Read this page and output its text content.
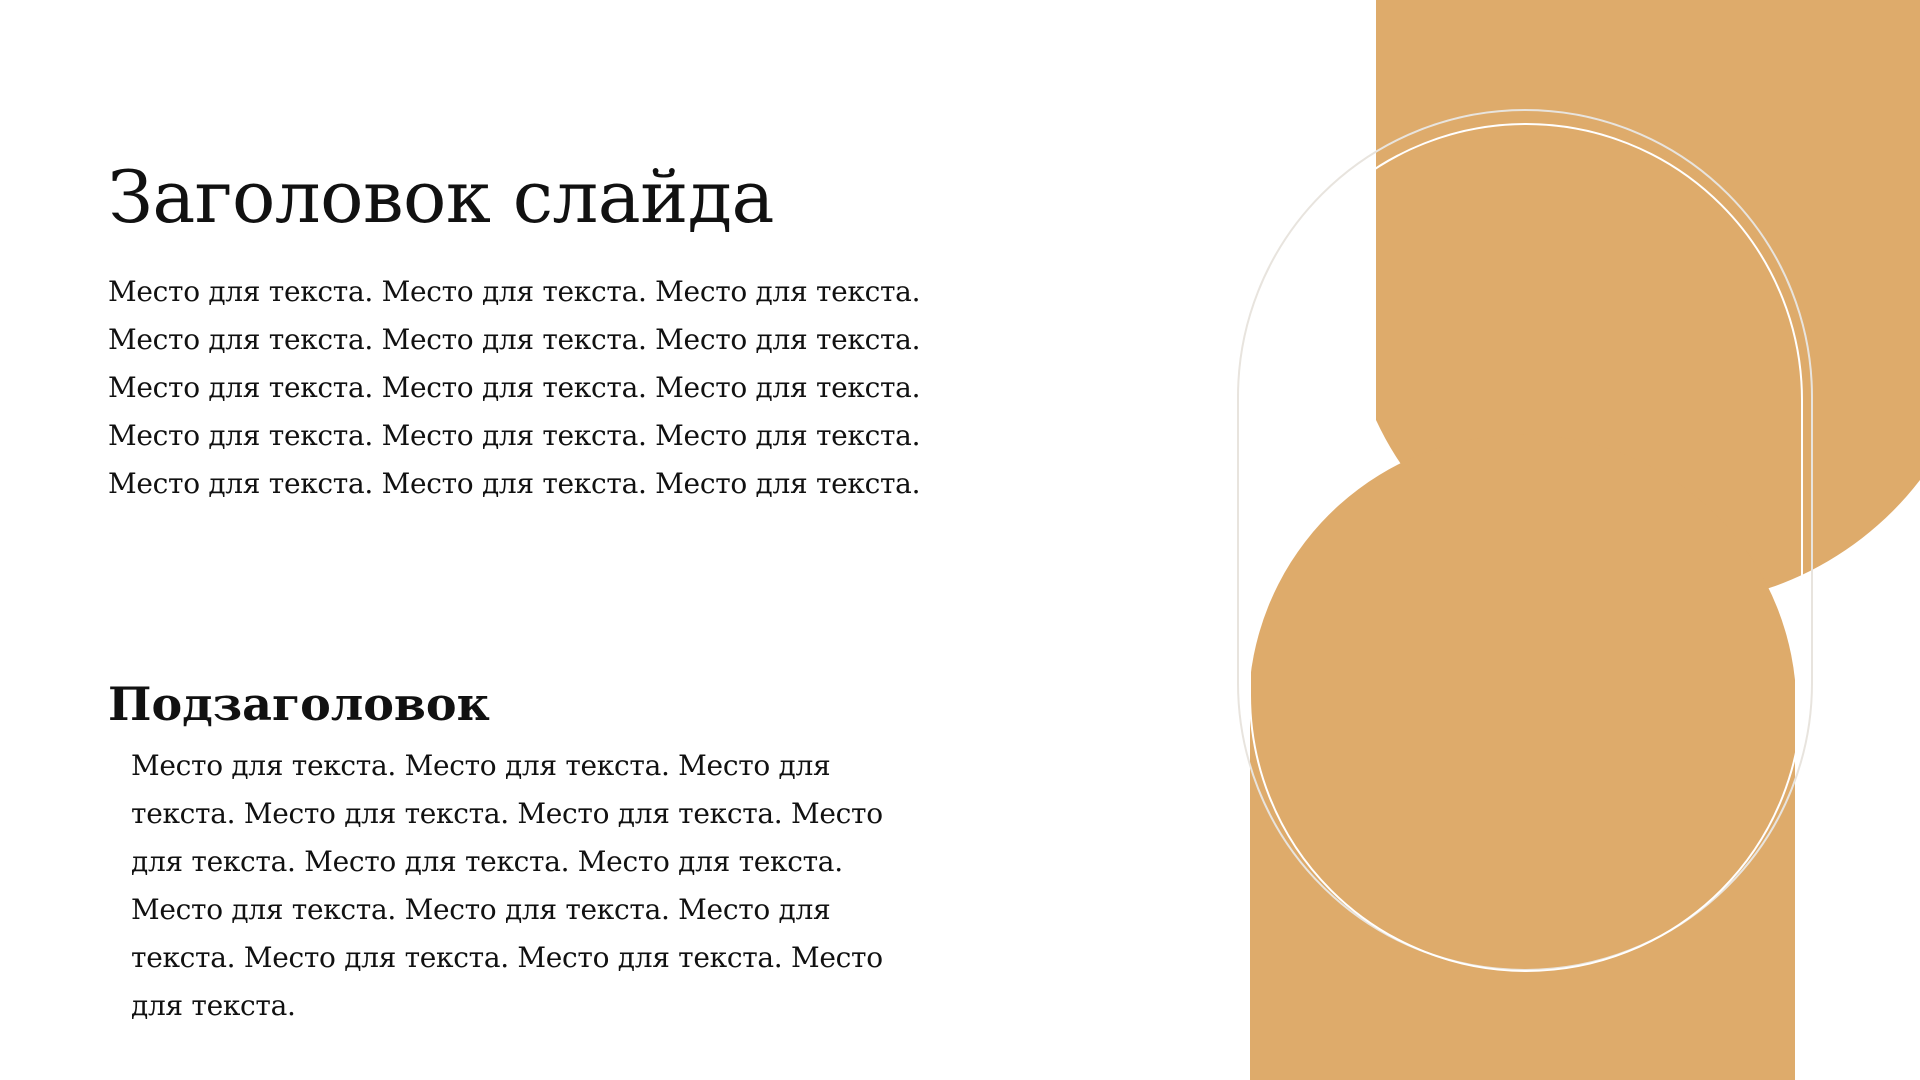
Заголовок слайда
Место для текста. Место для текста. Место для текста.
Место для текста. Место для текста. Место для текста.
Место для текста. Место для текста. Место для текста.
Место для текста. Место для текста. Место для текста.
Место для текста. Место для текста. Место для текста.
Подзаголовок

Место для текста. Место для текста. Место для текста. Место для текста. Место для текста. Место для текста. Место для текста. Место для текста. Место для текста. Место для текста. Место для текста. Место для текста. Место для текста. Место для текста.
